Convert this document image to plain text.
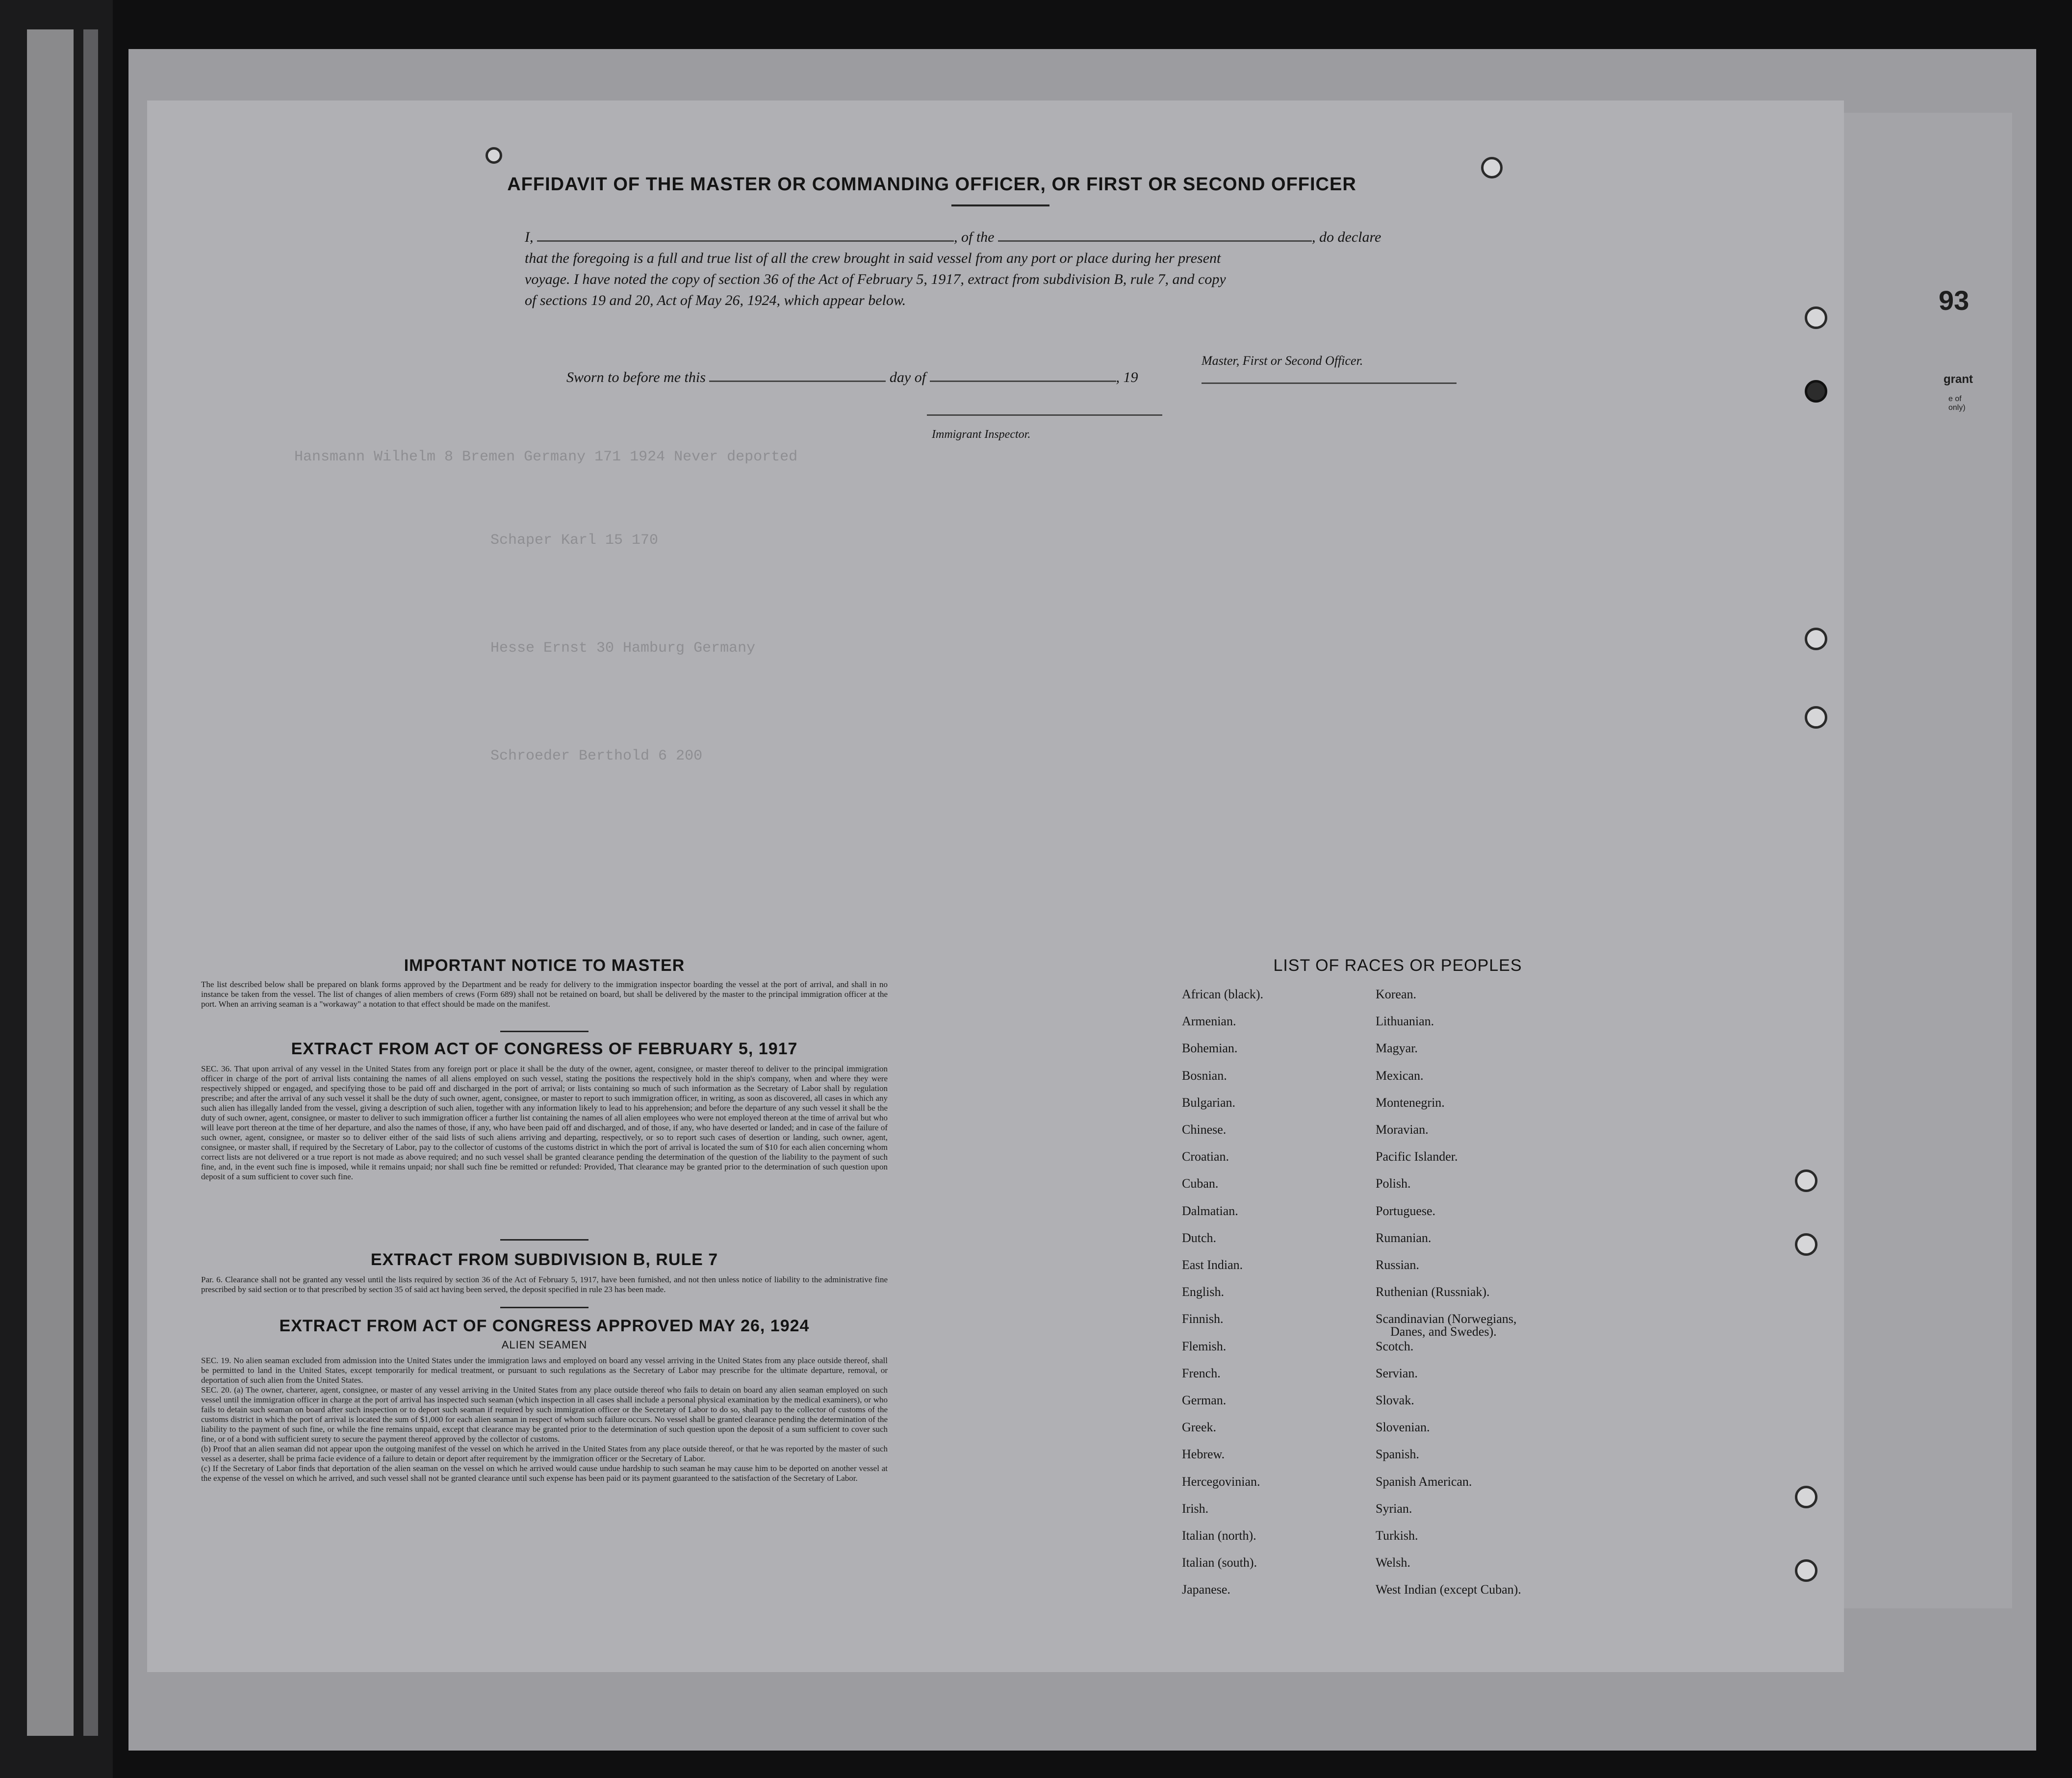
93
grant
e of
only)
Hansmann Wilhelm 8 Bremen Germany 171 1924 Never deported
Schaper Karl 15 170
Hesse Ernst 30 Hamburg Germany
Schroeder Berthold 6 200
AFFIDAVIT OF THE MASTER OR COMMANDING OFFICER, OR FIRST OR SECOND OFFICER
I,	, of the	, do declare
that the foregoing is a full and true list of all the crew brought in said vessel from any port or place during her present
voyage. I have noted the copy of section 36 of the Act of February 5, 1917, extract from subdivision B, rule 7, and copy
of sections 19 and 20, Act of May 26, 1924, which appear below.
Master, First or Second Officer.
Sworn to before me this	day of	, 19
Immigrant Inspector.
IMPORTANT NOTICE TO MASTER
The list described below shall be prepared on blank forms approved by the Department and be ready for delivery to the immigration inspector boarding the vessel at the port of arrival, and shall in no instance be taken from the vessel. The list of changes of alien members of crews (Form 689) shall not be retained on board, but shall be delivered by the master to the principal immigration officer at the port. When an arriving seaman is a "workaway" a notation to that effect should be made on the manifest.
EXTRACT FROM ACT OF CONGRESS OF FEBRUARY 5, 1917
SEC. 36. That upon arrival of any vessel in the United States from any foreign port or place it shall be the duty of the owner, agent, consignee, or master thereof to deliver to the principal immigration officer in charge of the port of arrival lists containing the names of all aliens employed on such vessel, stating the positions the respectively hold in the ship's company, when and where they were respectively shipped or engaged, and specifying those to be paid off and discharged in the port of arrival; or lists containing so much of such information as the Secretary of Labor shall by regulation prescribe; and after the arrival of any such vessel it shall be the duty of such owner, agent, consignee, or master to report to such immigration officer, in writing, as soon as discovered, all cases in which any such alien has illegally landed from the vessel, giving a description of such alien, together with any information likely to lead to his apprehension; and before the departure of any such vessel it shall be the duty of such owner, agent, consignee, or master to deliver to such immigration officer a further list containing the names of all alien employees who were not employed thereon at the time of arrival but who will leave port thereon at the time of her departure, and also the names of those, if any, who have been paid off and discharged, and of those, if any, who have deserted or landed; and in case of the failure of such owner, agent, consignee, or master so to deliver either of the said lists of such aliens arriving and departing, respectively, or so to report such cases of desertion or landing, such owner, agent, consignee, or master shall, if required by the Secretary of Labor, pay to the collector of customs of the customs district in which the port of arrival is located the sum of $10 for each alien concerning whom correct lists are not delivered or a true report is not made as above required; and no such vessel shall be granted clearance pending the determination of the question of the liability to the payment of such fine, and, in the event such fine is imposed, while it remains unpaid; nor shall such fine be remitted or refunded: Provided, That clearance may be granted prior to the determination of such question upon deposit of a sum sufficient to cover such fine.
EXTRACT FROM SUBDIVISION B, RULE 7
Par. 6. Clearance shall not be granted any vessel until the lists required by section 36 of the Act of February 5, 1917, have been furnished, and not then unless notice of liability to the administrative fine prescribed by said section or to that prescribed by section 35 of said act having been served, the deposit specified in rule 23 has been made.
EXTRACT FROM ACT OF CONGRESS APPROVED MAY 26, 1924
ALIEN SEAMEN
SEC. 19. No alien seaman excluded from admission into the United States under the immigration laws and employed on board any vessel arriving in the United States from any place outside thereof, shall be permitted to land in the United States, except temporarily for medical treatment, or pursuant to such regulations as the Secretary of Labor may prescribe for the ultimate departure, removal, or deportation of such alien from the United States.
SEC. 20. (a) The owner, charterer, agent, consignee, or master of any vessel arriving in the United States from any place outside thereof who fails to detain on board any alien seaman employed on such vessel until the immigration officer in charge at the port of arrival has inspected such seaman (which inspection in all cases shall include a personal physical examination by the medical examiners), or who fails to detain such seaman on board after such inspection or to deport such seaman if required by such immigration officer or the Secretary of Labor to do so, shall pay to the collector of customs of the customs district in which the port of arrival is located the sum of $1,000 for each alien seaman in respect of whom such failure occurs. No vessel shall be granted clearance pending the determination of the liability to the payment of such fine, or while the fine remains unpaid, except that clearance may be granted prior to the determination of such question upon the deposit of a sum sufficient to cover such fine, or of a bond with sufficient surety to secure the payment thereof approved by the collector of customs.
(b) Proof that an alien seaman did not appear upon the outgoing manifest of the vessel on which he arrived in the United States from any place outside thereof, or that he was reported by the master of such vessel as a deserter, shall be prima facie evidence of a failure to detain or deport after requirement by the immigration officer or the Secretary of Labor.
(c) If the Secretary of Labor finds that deportation of the alien seaman on the vessel on which he arrived would cause undue hardship to such seaman he may cause him to be deported on another vessel at the expense of the vessel on which he arrived, and such vessel shall not be granted clearance until such expense has been paid or its payment guaranteed to the satisfaction of the Secretary of Labor.
LIST OF RACES OR PEOPLES
African (black).
Armenian.
Bohemian.
Bosnian.
Bulgarian.
Chinese.
Croatian.
Cuban.
Dalmatian.
Dutch.
East Indian.
English.
Finnish.
Flemish.
French.
German.
Greek.
Hebrew.
Hercegovinian.
Irish.
Italian (north).
Italian (south).
Japanese.
Korean.
Lithuanian.
Magyar.
Mexican.
Montenegrin.
Moravian.
Pacific Islander.
Polish.
Portuguese.
Rumanian.
Russian.
Ruthenian (Russniak).
Scandinavian (Norwegians,
Danes, and Swedes).
Scotch.
Servian.
Slovak.
Slovenian.
Spanish.
Spanish American.
Syrian.
Turkish.
Welsh.
West Indian (except Cuban).
